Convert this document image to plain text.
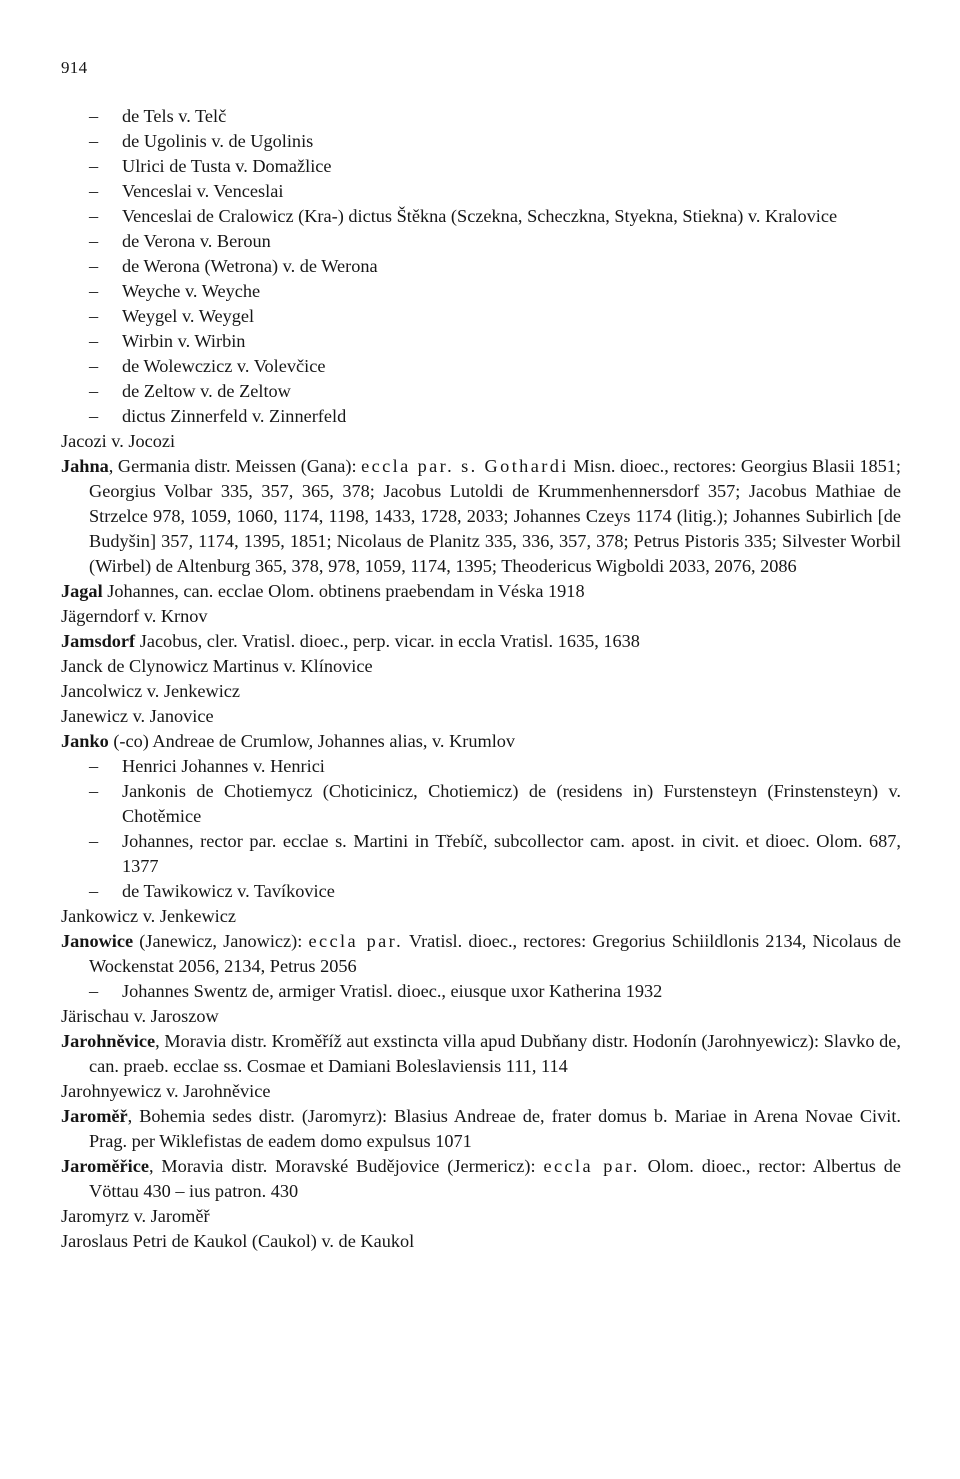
914

– de Tels v. Telč

– de Ugolinis v. de Ugolinis

– Ulrici de Tusta v. Domažlice

– Venceslai v. Venceslai

– Venceslai de Cralowicz (Kra-) dictus Štěkna (Sczekna, Scheczkna, Styekna, Stiekna) v. Kralovice

– de Verona v. Beroun

– de Werona (Wetrona) v. de Werona

– Weyche v. Weyche

– Weygel v. Weygel

– Wirbin v. Wirbin

– de Wolewczicz v. Volevčice

– de Zeltow v. de Zeltow

– dictus Zinnerfeld v. Zinnerfeld

Jacozi v. Jocozi

Jahna, Germania distr. Meissen (Gana): eccla par. s. Gothardi Misn. dioec., rectores: Georgius Blasii 1851; Georgius Volbar 335, 357, 365, 378; Jacobus Lutoldi de Krummenhennersdorf 357; Jacobus Mathiae de Strzelce 978, 1059, 1060, 1174, 1198, 1433, 1728, 2033; Johannes Czeys 1174 (litig.); Johannes Subirlich [de Budyšin] 357, 1174, 1395, 1851; Nicolaus de Planitz 335, 336, 357, 378; Petrus Pistoris 335; Silvester Worbil (Wirbel) de Altenburg 365, 378, 978, 1059, 1174, 1395; Theodericus Wigboldi 2033, 2076, 2086

Jagal Johannes, can. ecclae Olom. obtinens praebendam in Véska 1918

Jägerndorf v. Krnov

Jamsdorf Jacobus, cler. Vratisl. dioec., perp. vicar. in eccla Vratisl. 1635, 1638

Janck de Clynowicz Martinus v. Klínovice

Jancolwicz v. Jenkewicz

Janewicz v. Janovice

Janko (-co) Andreae de Crumlow, Johannes alias, v. Krumlov

– Henrici Johannes v. Henrici

– Jankonis de Chotiemycz (Choticinicz, Chotiemicz) de (residens in) Furstensteyn (Frinstensteyn) v. Chotěmice

– Johannes, rector par. ecclae s. Martini in Třebíč, subcollector cam. apost. in civit. et dioec. Olom. 687, 1377

– de Tawikowicz v. Tavíkovice

Jankowicz v. Jenkewicz

Janowice (Janewicz, Janowicz): eccla par. Vratisl. dioec., rectores: Gregorius Schiildlonis 2134, Nicolaus de Wockenstat 2056, 2134, Petrus 2056

– Johannes Swentz de, armiger Vratisl. dioec., eiusque uxor Katherina 1932

Järischau v. Jaroszow

Jarohněvice, Moravia distr. Kroměříž aut exstincta villa apud Dubňany distr. Hodonín (Jarohnyewicz): Slavko de, can. praeb. ecclae ss. Cosmae et Damiani Boleslaviensis 111, 114

Jarohnyewicz v. Jarohněvice

Jaroměř, Bohemia sedes distr. (Jaromyrz): Blasius Andreae de, frater domus b. Mariae in Arena Novae Civit. Prag. per Wiklefistas de eadem domo expulsus 1071

Jaroměřice, Moravia distr. Moravské Budějovice (Jermericz): eccla par. Olom. dioec., rector: Albertus de Vöttau 430 – ius patron. 430

Jaromyrz v. Jaroměř

Jaroslaus Petri de Kaukol (Caukol) v. de Kaukol
